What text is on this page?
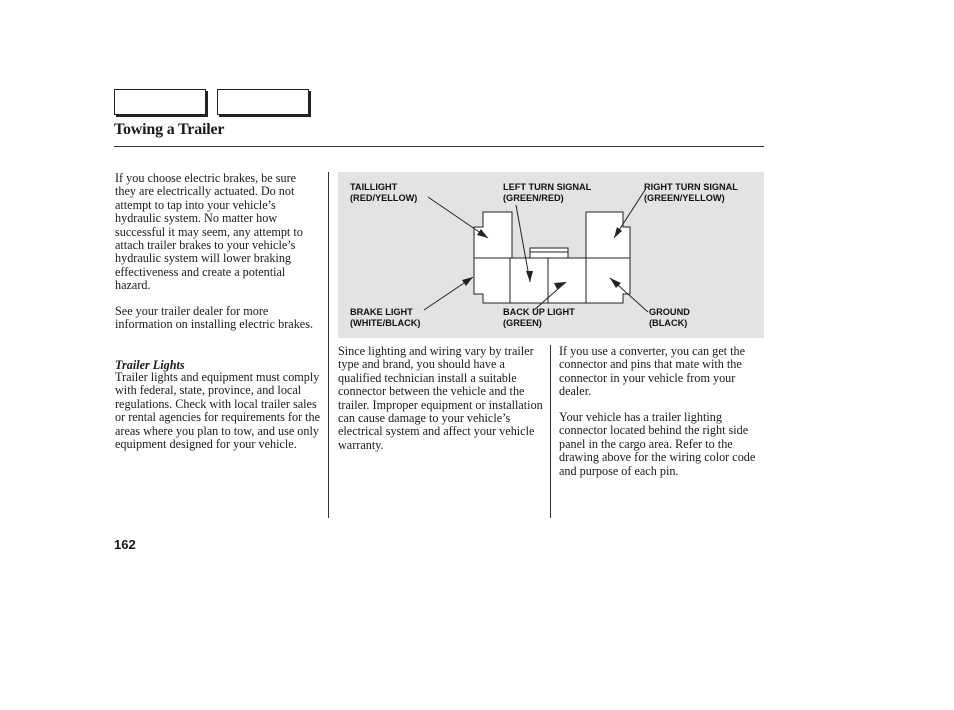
Towing a Trailer
If you choose electric brakes, be sure they are electrically actuated. Do not attempt to tap into your vehicle’s hydraulic system. No matter how successful it may seem, any attempt to attach trailer brakes to your vehicle’s hydraulic system will lower braking effectiveness and create a potential hazard.
See your trailer dealer for more information on installing electric brakes.
Trailer Lights
Trailer lights and equipment must comply with federal, state, province, and local regulations. Check with local trailer sales or rental agencies for requirements for the areas where you plan to tow, and use only equipment designed for your vehicle.
TAILLIGHT
(RED/YELLOW)
LEFT TURN SIGNAL
(GREEN/RED)
RIGHT TURN SIGNAL
(GREEN/YELLOW)
BRAKE LIGHT
(WHITE/BLACK)
BACK UP LIGHT
(GREEN)
GROUND
(BLACK)
Since lighting and wiring vary by trailer type and brand, you should have a qualified technician install a suitable connector between the vehicle and the trailer. Improper equipment or installation can cause damage to your vehicle’s electrical system and affect your vehicle warranty.
If you use a converter, you can get the connector and pins that mate with the connector in your vehicle from your dealer.
Your vehicle has a trailer lighting connector located behind the right side panel in the cargo area. Refer to the drawing above for the wiring color code and purpose of each pin.
162
